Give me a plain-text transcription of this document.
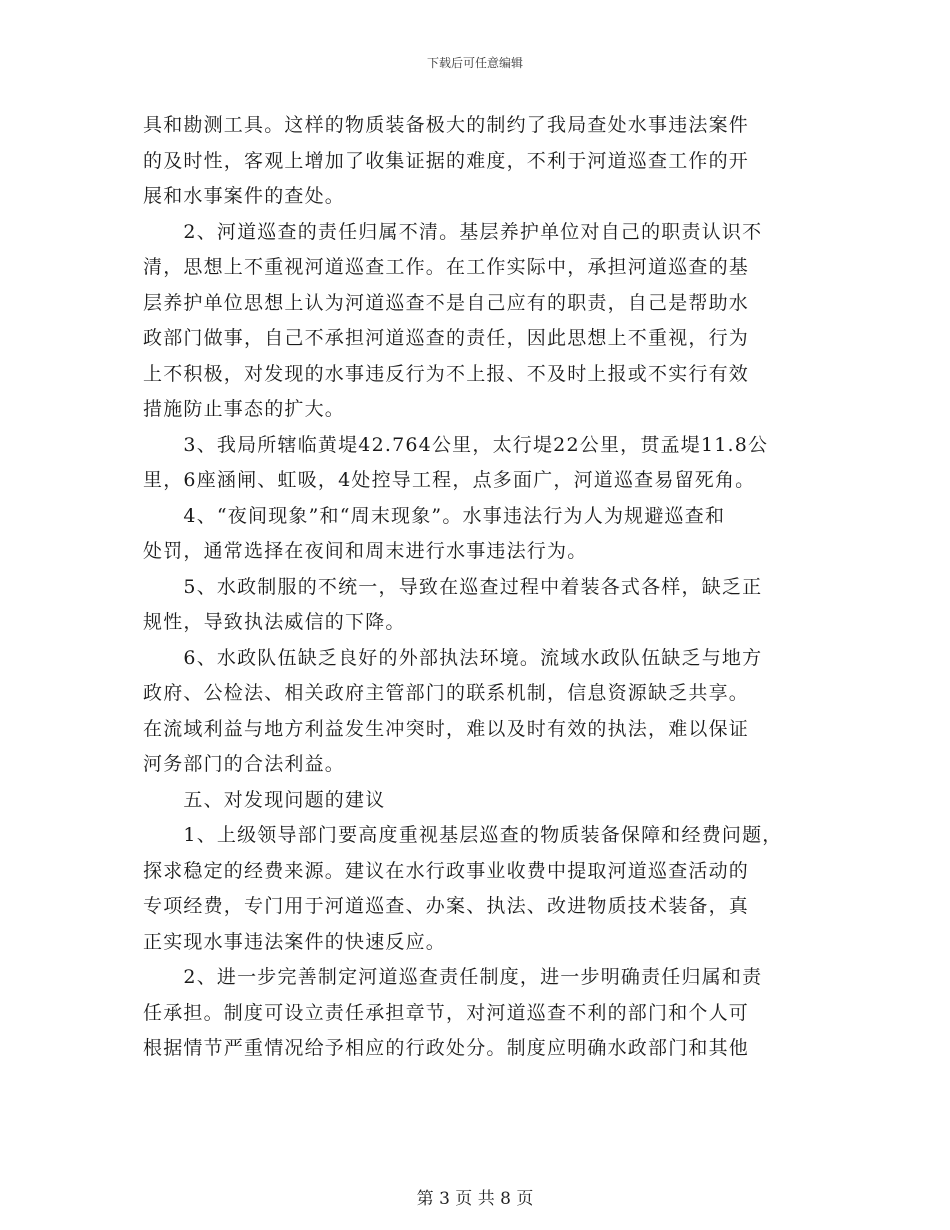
下载后可任意编辑

具和勘测工具。这样的物质装备极大的制约了我局查处水事违法案件
的及时性，客观上增加了收集证据的难度，不利于河道巡查工作的开
展和水事案件的查处。

　　2、河道巡查的责任归属不清。基层养护单位对自己的职责认识不
清，思想上不重视河道巡查工作。在工作实际中，承担河道巡查的基
层养护单位思想上认为河道巡查不是自己应有的职责，自己是帮助水
政部门做事，自己不承担河道巡查的责任，因此思想上不重视，行为
上不积极，对发现的水事违反行为不上报、不及时上报或不实行有效
措施防止事态的扩大。

　　3、我局所辖临黄堤42.764公里，太行堤22公里，贯孟堤11.8公
里，6座涵闸、虹吸，4处控导工程，点多面广，河道巡查易留死角。

　　4、“夜间现象”和“周末现象”。水事违法行为人为规避巡查和
处罚，通常选择在夜间和周末进行水事违法行为。

　　5、水政制服的不统一，导致在巡查过程中着装各式各样，缺乏正
规性，导致执法威信的下降。

　　6、水政队伍缺乏良好的外部执法环境。流域水政队伍缺乏与地方
政府、公检法、相关政府主管部门的联系机制，信息资源缺乏共享。
在流域利益与地方利益发生冲突时，难以及时有效的执法，难以保证
河务部门的合法利益。

　　五、对发现问题的建议

　　1、上级领导部门要高度重视基层巡查的物质装备保障和经费问题，
探求稳定的经费来源。建议在水行政事业收费中提取河道巡查活动的
专项经费，专门用于河道巡查、办案、执法、改进物质技术装备，真
正实现水事违法案件的快速反应。

　　2、进一步完善制定河道巡查责任制度，进一步明确责任归属和责
任承担。制度可设立责任承担章节，对河道巡查不利的部门和个人可
根据情节严重情况给予相应的行政处分。制度应明确水政部门和其他

第 3 页 共 8 页
